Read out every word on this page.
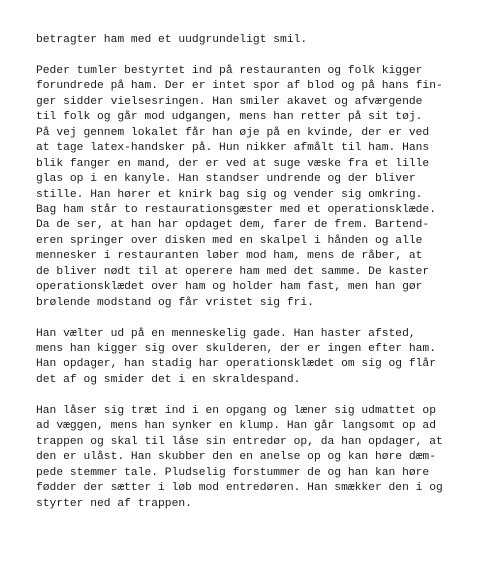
betragter ham med et uudgrundeligt smil.
Peder tumler bestyrtet ind på restauranten og folk kigger
forundrede på ham. Der er intet spor af blod og på hans fin-
ger sidder vielsesringen. Han smiler akavet og afværgende
til folk og går mod udgangen, mens han retter på sit tøj.
På vej gennem lokalet får han øje på en kvinde, der er ved
at tage latex-handsker på. Hun nikker afmålt til ham. Hans
blik fanger en mand, der er ved at suge væske fra et lille
glas op i en kanyle. Han standser undrende og der bliver
stille. Han hører et knirk bag sig og vender sig omkring.
Bag ham står to restaurationsgæster med et operationsklæde.
Da de ser, at han har opdaget dem, farer de frem. Bartend-
eren springer over disken med en skalpel i hånden og alle
mennesker i restauranten løber mod ham, mens de råber, at
de bliver nødt til at operere ham med det samme. De kaster
operationsklædet over ham og holder ham fast, men han gør
brølende modstand og får vristet sig fri.
Han vælter ud på en menneskelig gade. Han haster afsted,
mens han kigger sig over skulderen, der er ingen efter ham.
Han opdager, han stadig har operationsklædet om sig og flår
det af og smider det i en skraldespand.
Han låser sig træt ind i en opgang og læner sig udmattet op
ad væggen, mens han synker en klump. Han går langsomt op ad
trappen og skal til låse sin entredør op, da han opdager, at
den er ulåst. Han skubber den en anelse op og kan høre dæm-
pede stemmer tale. Pludselig forstummer de og han kan høre
fødder der sætter i løb mod entredøren. Han smækker den i og
styrter ned af trappen.
